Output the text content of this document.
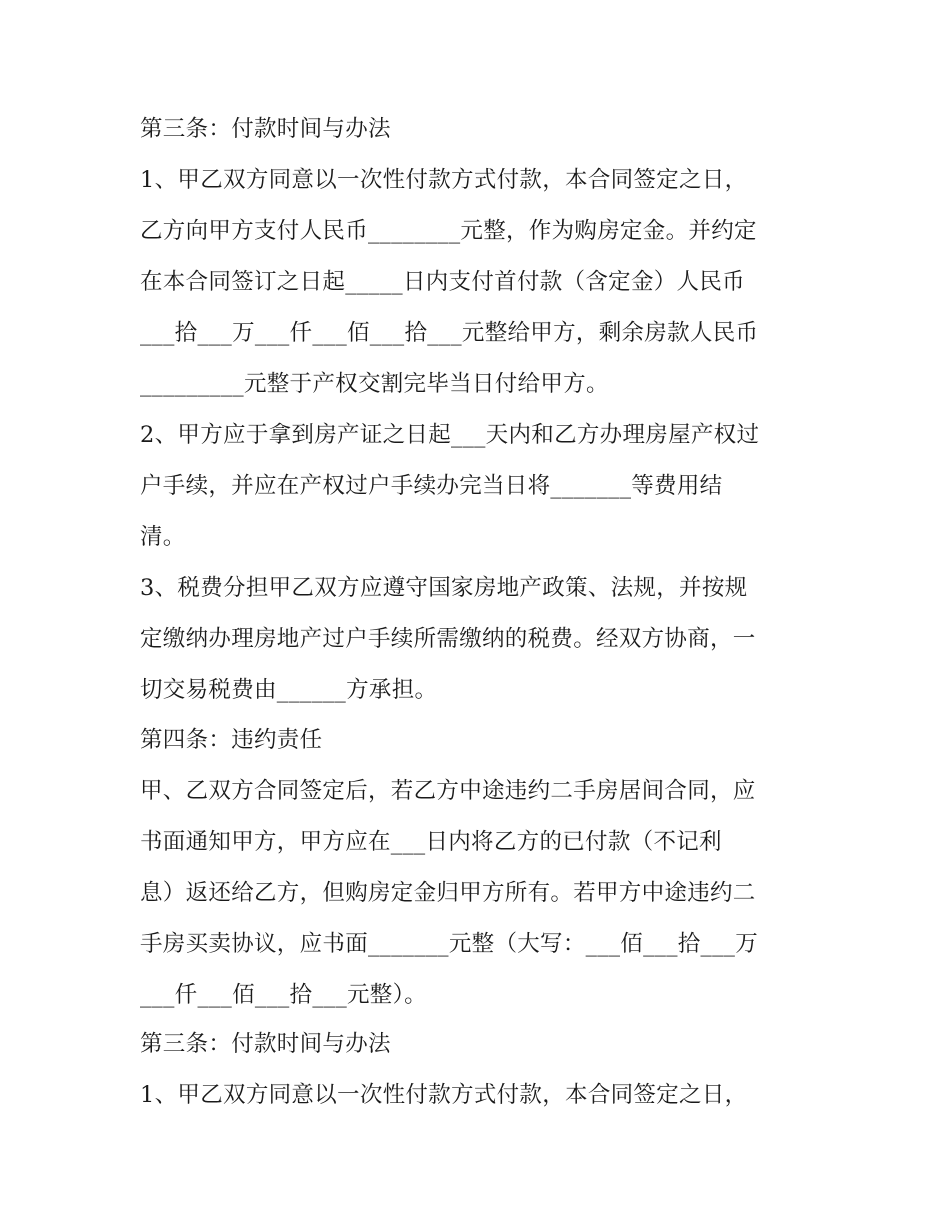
第三条：付款时间与办法
1、甲乙双方同意以一次性付款方式付款，本合同签定之日，
乙方向甲方支付人民币________元整，作为购房定金。并约定
在本合同签订之日起_____日内支付首付款（含定金）人民币
___拾___万___仟___佰___拾___元整给甲方，剩余房款人民币
_________元整于产权交割完毕当日付给甲方。
2、甲方应于拿到房产证之日起___天内和乙方办理房屋产权过
户手续，并应在产权过户手续办完当日将_______等费用结
清。
3、税费分担甲乙双方应遵守国家房地产政策、法规，并按规
定缴纳办理房地产过户手续所需缴纳的税费。经双方协商，一
切交易税费由______方承担。
第四条：违约责任
甲、乙双方合同签定后，若乙方中途违约二手房居间合同，应
书面通知甲方，甲方应在___日内将乙方的已付款（不记利
息）返还给乙方，但购房定金归甲方所有。若甲方中途违约二
手房买卖协议，应书面_______元整（大写：___佰___拾___万
___仟___佰___拾___元整）。
第三条：付款时间与办法
1、甲乙双方同意以一次性付款方式付款，本合同签定之日，
